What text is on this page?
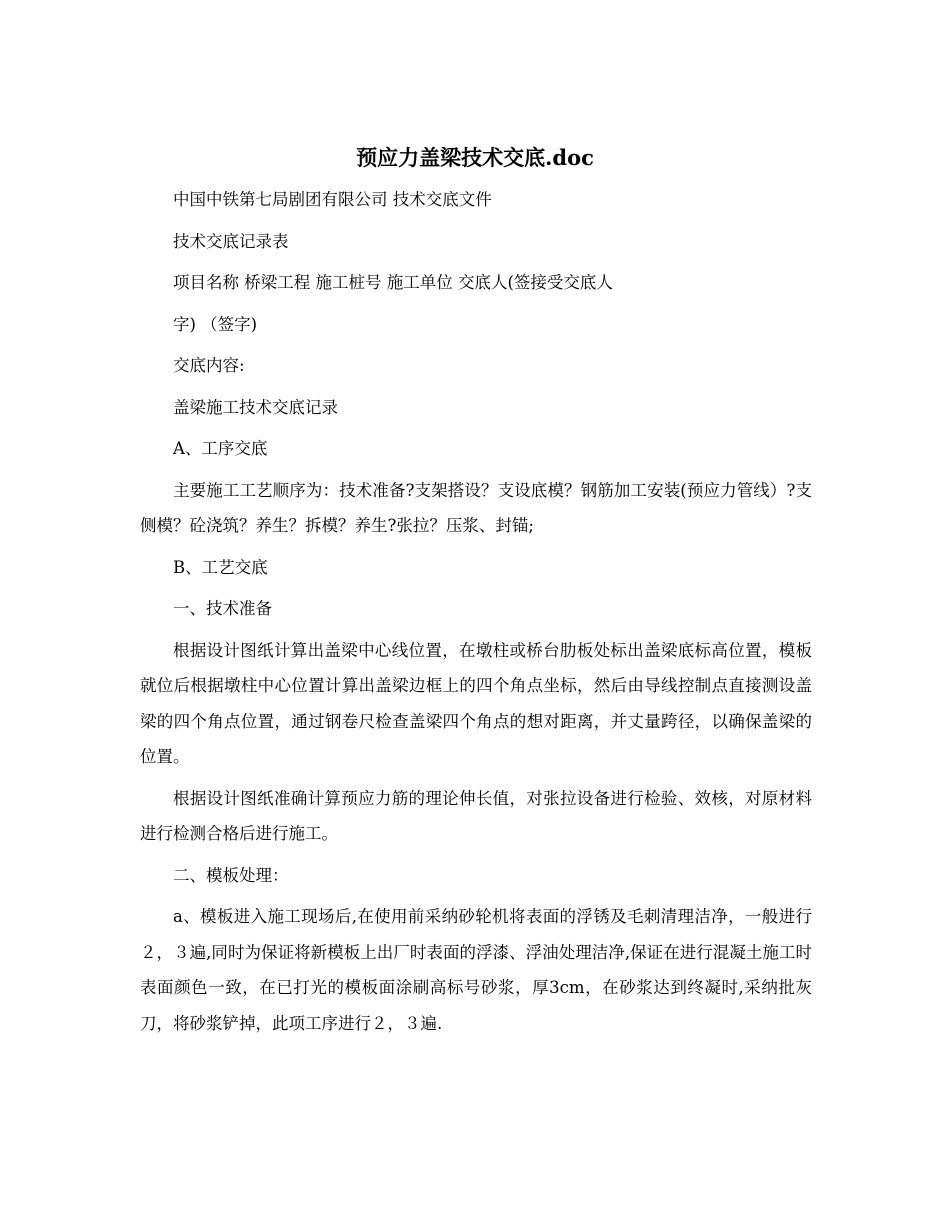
预应力盖梁技术交底.doc

中国中铁第七局剧团有限公司 技术交底文件

技术交底记录表

项目名称 桥梁工程 施工桩号 施工单位 交底人(签接受交底人

字) （签字)

交底内容:

盖梁施工技术交底记录

A、工序交底

主要施工工艺顺序为：技术准备?支架搭设？支设底模？钢筋加工安装(预应力管线）?支侧模？砼浇筑？养生？拆模？养生?张拉？压浆、封锚;

B、工艺交底

一、技术准备

根据设计图纸计算出盖梁中心线位置，在墩柱或桥台肋板处标出盖梁底标高位置，模板就位后根据墩柱中心位置计算出盖梁边框上的四个角点坐标，然后由导线控制点直接测设盖梁的四个角点位置，通过钢卷尺检查盖梁四个角点的想对距离，并丈量跨径，以确保盖梁的位置。

根据设计图纸准确计算预应力筋的理论伸长值，对张拉设备进行检验、效核，对原材料进行检测合格后进行施工。

二、模板处理：

a、模板进入施工现场后,在使用前采纳砂轮机将表面的浮锈及毛刺清理洁净，一般进行２，３遍,同时为保证将新模板上出厂时表面的浮漆、浮油处理洁净,保证在进行混凝土施工时表面颜色一致，在已打光的模板面涂刷高标号砂浆，厚3cm，在砂浆达到终凝时,采纳批灰刀，将砂浆铲掉，此项工序进行２，３遍.
